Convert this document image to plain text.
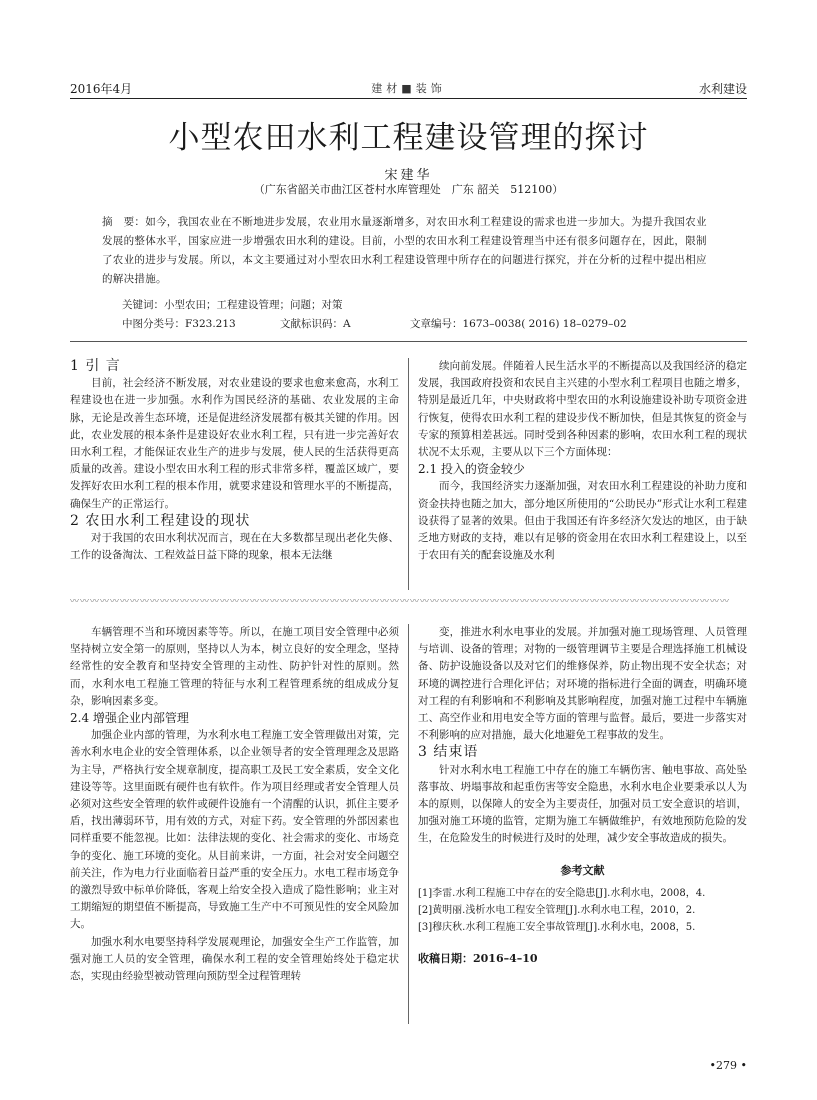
2016年4月	建材■装饰	水利建设
小型农田水利工程建设管理的探讨
宋建华
（广东省韶关市曲江区苍村水库管理处　广东 韶关　512100）
摘　要：如今，我国农业在不断地进步发展，农业用水量逐渐增多，对农田水利工程建设的需求也进一步加大。为提升我国农业发展的整体水平，国家应进一步增强农田水利的建设。目前，小型的农田水利工程建设管理当中还有很多问题存在，因此，限制了农业的进步与发展。所以，本文主要通过对小型农田水利工程建设管理中所存在的问题进行探究，并在分析的过程中提出相应的解决措施。
关键词：小型农田；工程建设管理；问题；对策
中图分类号：F323.213	文献标识码：A	文章编号：1673–0038( 2016) 18–0279–02

1 引 言

目前，社会经济不断发展，对农业建设的要求也愈来愈高，水利工程建设也在进一步加强。水利作为国民经济的基础、农业发展的主命脉，无论是改善生态环境，还是促进经济发展都有极其关键的作用。因此，农业发展的根本条件是建设好农业水利工程，只有进一步完善好农田水利工程，才能保证农业生产的进步与发展，使人民的生活获得更高质量的改善。建设小型农田水利工程的形式非常多样，覆盖区域广，要发挥好农田水利工程的根本作用，就要求建设和管理水平的不断提高，确保生产的正常运行。

2 农田水利工程建设的现状

对于我国的农田水利状况而言，现在在大多数都呈现出老化失修、工作的设备淘汰、工程效益日益下降的现象，根本无法继

续向前发展。伴随着人民生活水平的不断提高以及我国经济的稳定发展，我国政府投资和农民自主兴建的小型水利工程项目也随之增多，特别是最近几年，中央财政将中型农田的水利设施建设补助专项资金进行恢复，使得农田水利工程的建设步伐不断加快，但是其恢复的资金与专家的预算相差甚远。同时受到各种因素的影响，农田水利工程的现状状况不太乐观，主要从以下三个方面体现：

2.1 投入的资金较少

而今，我国经济实力逐渐加强，对农田水利工程建设的补助力度和资金扶持也随之加大，部分地区所使用的“公助民办”形式让水利工程建设获得了显著的效果。但由于我国还有许多经济欠发达的地区，由于缺乏地方财政的支持，难以有足够的资金用在农田水利工程建设上，以至于农田有关的配套设施及水利

〰〰〰〰〰〰〰〰〰〰〰〰〰〰〰〰〰〰〰〰〰〰〰〰〰〰〰〰〰〰〰〰〰〰〰〰〰〰〰〰〰〰〰〰〰〰〰〰〰〰〰〰〰〰〰〰〰〰〰〰〰〰〰〰〰〰

车辆管理不当和环境因素等等。所以，在施工项目安全管理中必须坚持树立安全第一的原则，坚持以人为本，树立良好的安全理念，坚持经常性的安全教育和坚持安全管理的主动性、防护针对性的原则。然而，水利水电工程施工管理的特征与水利工程管理系统的组成成分复杂，影响因素多变。

2.4 增强企业内部管理

加强企业内部的管理，为水利水电工程施工安全管理做出对策，完善水利水电企业的安全管理体系，以企业领导者的安全管理理念及思路为主导，严格执行安全规章制度，提高职工及民工安全素质，安全文化建设等等。这里面既有硬件也有软件。作为项目经理或者安全管理人员必须对这些安全管理的软件或硬件设施有一个清醒的认识，抓住主要矛盾，找出薄弱环节，用有效的方式，对症下药。安全管理的外部因素也同样重要不能忽视。比如：法律法规的变化、社会需求的变化、市场竞争的变化、施工环境的变化。从目前来讲，一方面，社会对安全问题空前关注，作为电力行业面临着日益严重的安全压力。水电工程市场竞争的激烈导致中标单价降低，客观上给安全投入造成了隐性影响；业主对工期缩短的期望值不断提高，导致施工生产中不可预见性的安全风险加大。

加强水利水电要坚持科学发展观理论，加强安全生产工作监管，加强对施工人员的安全管理，确保水利工程的安全管理始终处于稳定状态，实现由经验型被动管理向预防型全过程管理转

变，推进水利水电事业的发展。并加强对施工现场管理、人员管理与培训、设备的管理；对物的一级管理调节主要是合理选择施工机械设备、防护设施设备以及对它们的维修保养，防止物出现不安全状态；对环境的调控进行合理化评估；对环境的指标进行全面的调查，明确环境对工程的有利影响和不利影响及其影响程度，加强对施工过程中车辆施工、高空作业和用电安全等方面的管理与监督。最后，要进一步落实对不利影响的应对措施，最大化地避免工程事故的发生。

3 结束语

针对水利水电工程施工中存在的施工车辆伤害、触电事故、高处坠落事故、坍塌事故和起重伤害等安全隐患，水利水电企业要秉承以人为本的原则，以保障人的安全为主要责任，加强对员工安全意识的培训，加强对施工环境的监管，定期为施工车辆做维护，有效地预防危险的发生，在危险发生的时候进行及时的处理，减少安全事故造成的损失。

参考文献
[1]李雷.水利工程施工中存在的安全隐患[J].水利水电，2008，4.
[2]黄明丽.浅析水电工程安全管理[J].水利水电工程，2010，2.
[3]穆庆秋.水利工程施工安全事故管理[J].水利水电，2008，5.
收稿日期：2016–4–10
•279 •
